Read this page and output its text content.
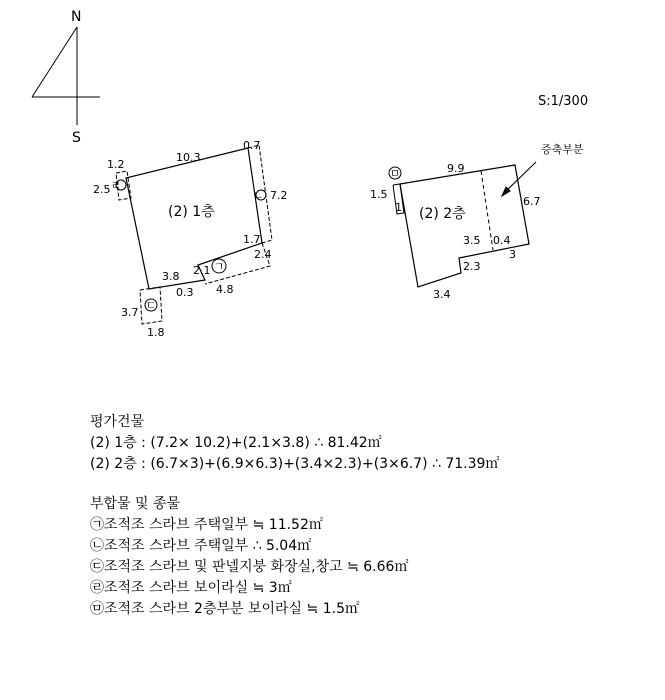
N
S
ㄹ
ㄴ
ㄱ
ㄷ
(2) 1층
10.3
0.7
1.2
2.5	7.2
1.7
2.4
3.8 2.1
0.3 4.8
3.7
1.8
ㅁ
(2) 2층
증축부분
9.9
1.5
1	6.7
3.5 0.4
3
2.3
3.4
S:1/300
평가건물
(2) 1층 : (7.2× 10.2)+(2.1×3.8) ∴ 81.42㎡
(2) 2층 : (6.7×3)+(6.9×6.3)+(3.4×2.3)+(3×6.7) ∴ 71.39㎡
부합물 및 종물
㉠조적조 스라브 주택일부 ≒ 11.52㎡
㉡조적조 스라브 주택일부 ∴ 5.04㎡
㉢조적조 스라브 및 판넬지붕 화장실,창고 ≒ 6.66㎡
㉣조적조 스라브 보이라실 ≒ 3㎡
㉤조적조 스라브 2층부분 보이라실 ≒ 1.5㎡
